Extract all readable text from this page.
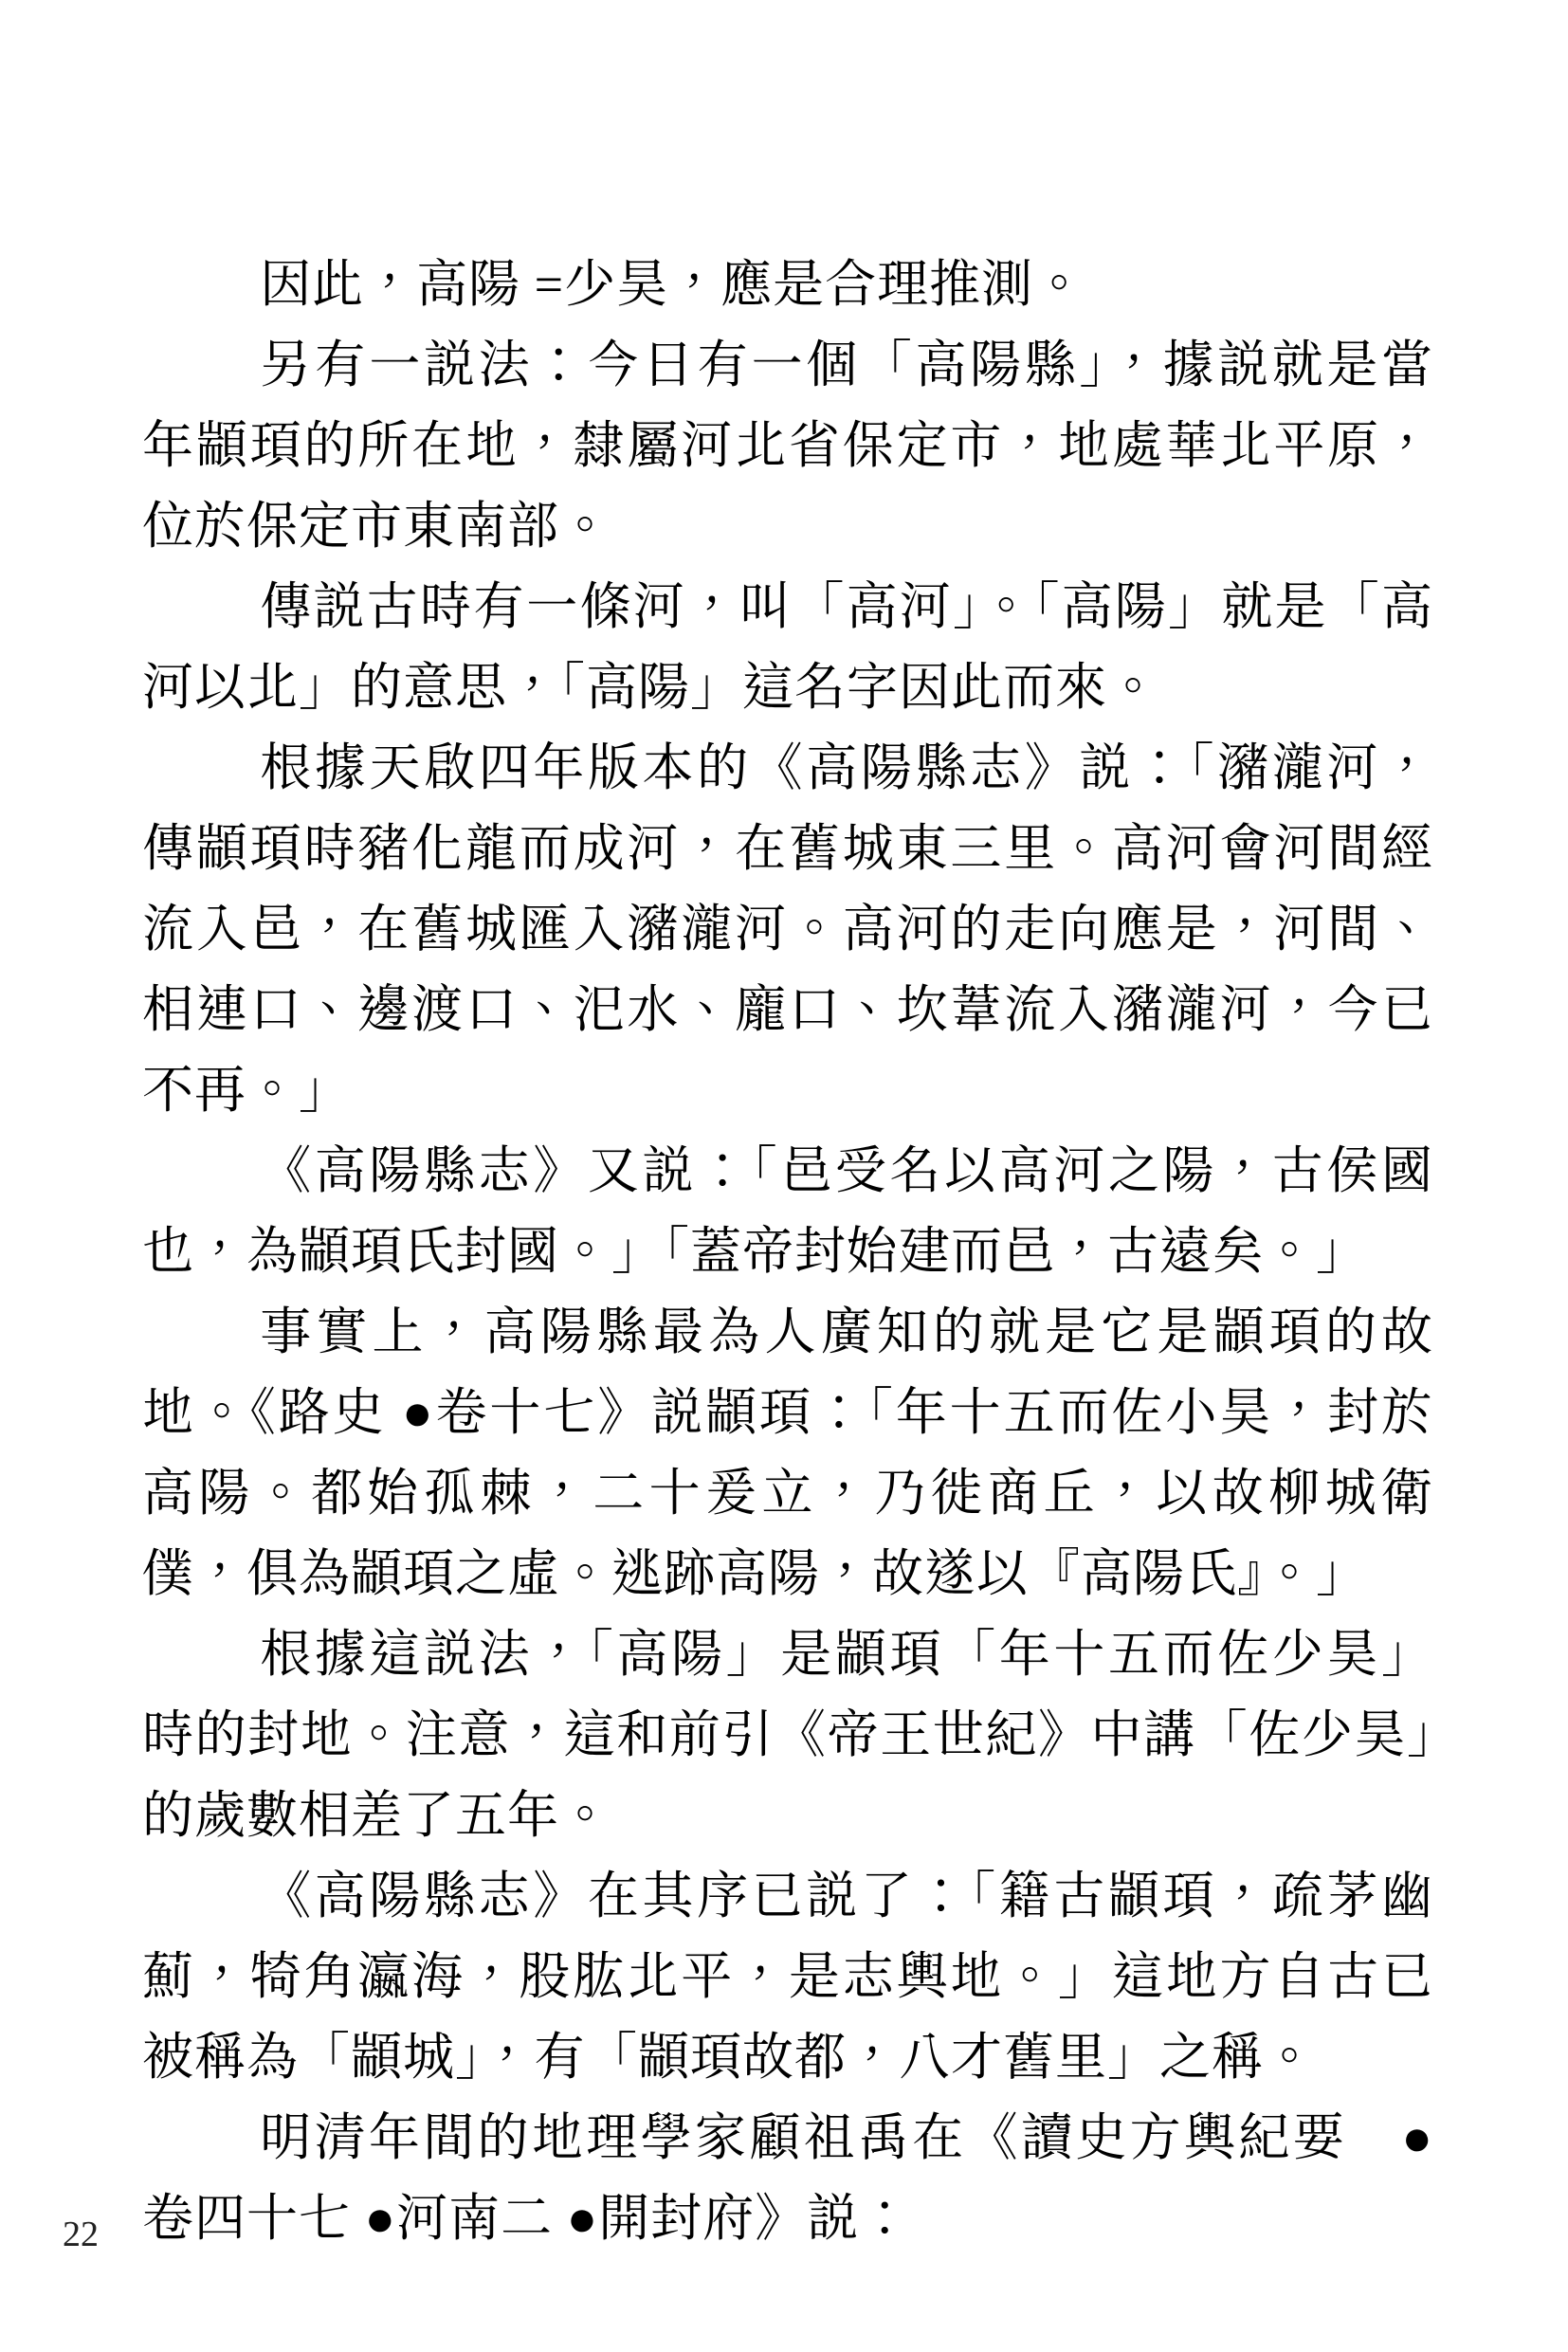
因此，高陽 =少昊，應是合理推測。

另有一説法：今日有一個「高陽縣」，據説就是當年顓頊的所在地，隸屬河北省保定市，地處華北平原，位於保定市東南部。

傳説古時有一條河，叫「高河」。「高陽」就是「高河以北」的意思，「高陽」這名字因此而來。

根據天啟四年版本的《高陽縣志》説：「瀦瀧河，傳顓頊時豬化龍而成河，在舊城東三里。高河會河間經流入邑，在舊城匯入瀦瀧河。高河的走向應是，河間、相連口、邊渡口、汜水、龐口、坎葦流入瀦瀧河，今已不再。」

《高陽縣志》又説：「邑受名以高河之陽，古侯國也，為顓頊氏封國。」「蓋帝封始建而邑，古遠矣。」

事實上，高陽縣最為人廣知的就是它是顓頊的故地。《路史 ●卷十七》説顓頊：「年十五而佐小昊，封於高陽。都始孤棘，二十爰立，乃徙商丘，以故柳城衛僕，俱為顓頊之虛。逃跡高陽，故遂以『高陽氏』。」

根據這説法，「高陽」是顓頊「年十五而佐少昊」時的封地。注意，這和前引《帝王世紀》中講「佐少昊」的歲數相差了五年。

《高陽縣志》在其序已説了：「籍古顓頊，疏茅幽薊，犄角瀛海，股肱北平，是志輿地。」這地方自古已被稱為「顓城」，有「顓頊故都，八才舊里」之稱。

明清年間的地理學家顧祖禹在《讀史方輿紀要　●卷四十七 ●河南二 ●開封府》説：

22
